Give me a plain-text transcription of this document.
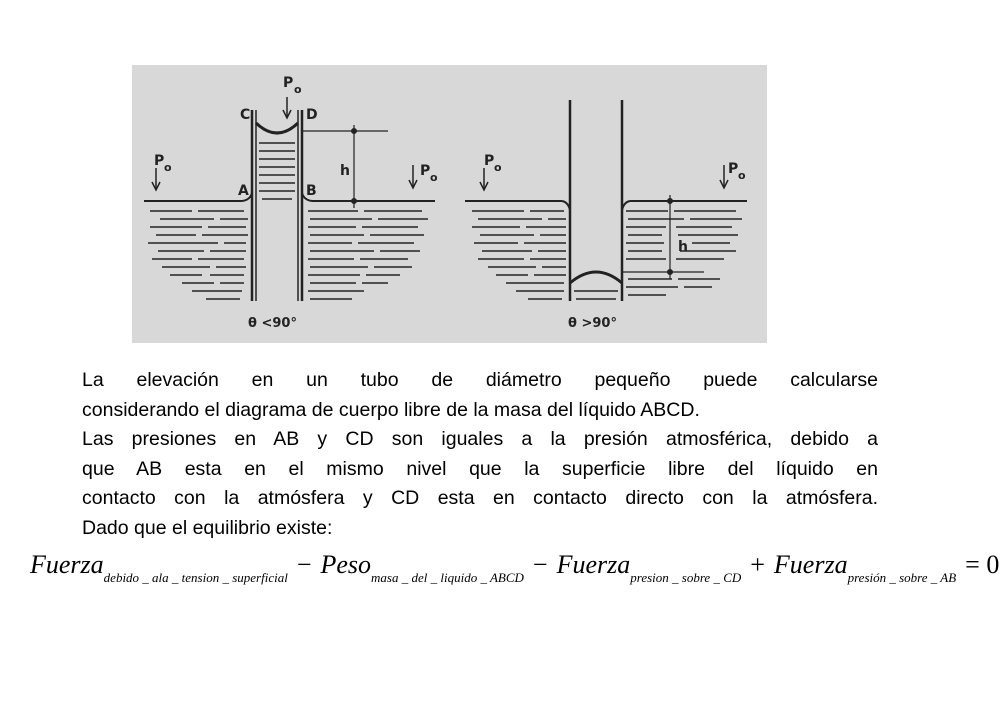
P o
C	D
A	B
h
P o	P o
θ <90°
P o	P o
h
θ >90°

La elevación en un tubo de diámetro pequeño puede calcularse
considerando el diagrama de cuerpo libre de la masa del líquido ABCD.
Las presiones en AB y CD son iguales a la presión atmosférica, debido a
que AB esta en el mismo nivel que la superficie libre del líquido en
contacto con la atmósfera y CD esta en contacto directo con la atmósfera.
Dado que el equilibrio existe:

Fuerza$_{debido \_ ala \_ tension \_ superficial}$ − Peso$_{masa \_ del \_ liquido \_ ABCD}$ − Fuerza$_{presion \_ sobre \_ CD}$ + Fuerza$_{presión \_ sobre \_ AB}$ = 0
